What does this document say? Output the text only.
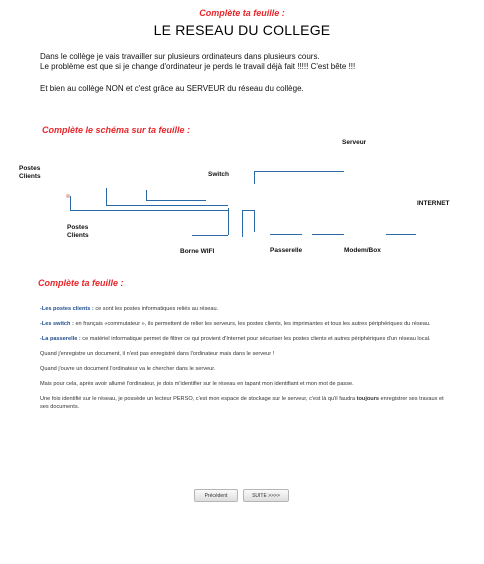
Complète ta feuille :
LE RESEAU DU COLLEGE
Dans le collège je vais travailler sur plusieurs ordinateurs dans plusieurs cours.
Le problème est que si je change d'ordinateur je perds le travail déjà fait !!!!! C'est bête !!!
Et bien au collège NON et c'est grâce au SERVEUR du réseau du collège.
Complète le schéma sur ta feuille :
Serveur
Postes Clients	Switch
INTERNET
Postes Clients
Borne WIFI	Passerelle	Modem/Box
Complète ta feuille :

-Les postes clients : ce sont les postes informatiques reliés au réseau.

-Les switch : en français «commutateur », ils permettent de relier les serveurs, les postes clients, les imprimantes et tous les autres périphériques du réseau.

-La passerelle : ce matériel informatique permet de filtrer ce qui provient d'Internet pour sécuriser les postes clients et autres périphériques d'un réseau local.

Quand j'enregistre un document, il n'est pas enregistré dans l'ordinateur mais dans le serveur !

Quand j'ouvre un document l'ordinateur va le chercher dans le serveur.

Mais pour cela, après avoir allumé l'ordinateur, je dois m'identifier sur le réseau en tapant mon identifiant et mon mot de passe.

Une fois identifié sur le réseau, je possède un lecteur PERSO, c'est mon espace de stockage sur le serveur, c'est là qu'il faudra toujours enregistrer ses travaux et ses documents.

Précédent	SUITE >>>>
